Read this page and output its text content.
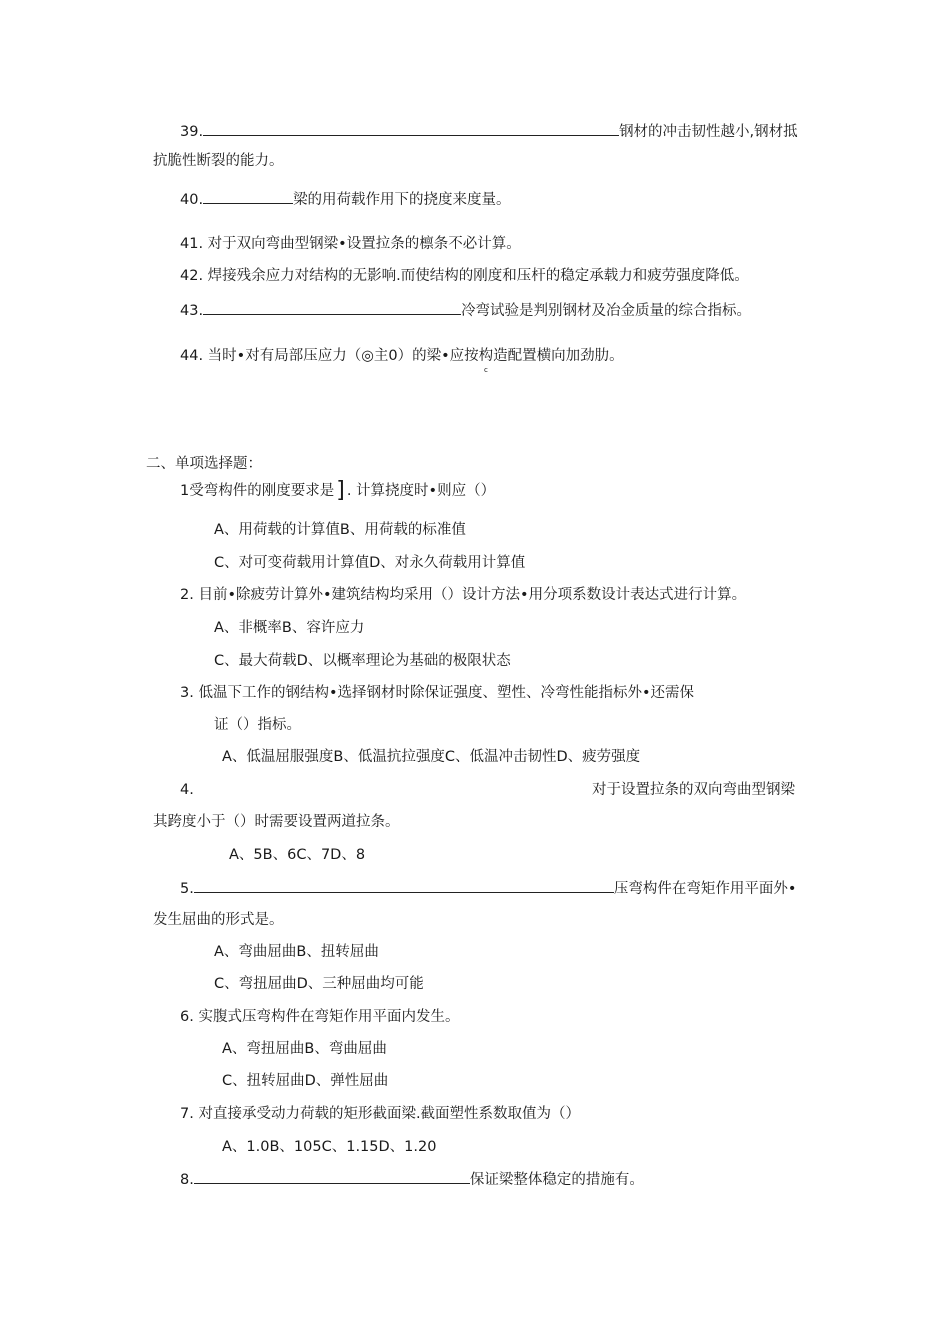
39.	钢材的冲击韧性越小,钢材抵
抗脆性断裂的能力。
40.	梁的用荷载作用下的挠度来度量。
41. 对于双向弯曲型钢梁•设置拉条的檩条不必计算。
42. 焊接残余应力对结构的无影响.而使结构的刚度和压杆的稳定承载力和疲劳强度降低。
43.	冷弯试验是判别钢材及冶金质量的综合指标。
44. 当时•对有局部压应力（◎主0）的梁•应按构造配置横向加劲肋。
c
二、单项选择题：
1受弯构件的刚度要求是] . 计算挠度时•则应（）
A、用荷载的计算值B、用荷载的标准值
C、对可变荷载用计算值D、对永久荷载用计算值
2. 目前•除疲劳计算外•建筑结构均采用（）设计方法•用分项系数设计表达式进行计算。
A、非概率B、容许应力
C、最大荷载D、以概率理论为基础的极限状态
3. 低温下工作的钢结构•选择钢材时除保证强度、塑性、冷弯性能指标外•还需保
证（）指标。
A、低温屈服强度B、低温抗拉强度C、低温冲击韧性D、疲劳强度
4.	对于设置拉条的双向弯曲型钢梁
其跨度小于（）时需要设置两道拉条。
A、5B、6C、7D、8
5.	压弯构件在弯矩作用平面外•
发生屈曲的形式是。
A、弯曲屈曲B、扭转屈曲
C、弯扭屈曲D、三种屈曲均可能
6. 实腹式压弯构件在弯矩作用平面内发生。
A、弯扭屈曲B、弯曲屈曲
C、扭转屈曲D、弹性屈曲
7. 对直接承受动力荷载的矩形截面梁.截面塑性系数取值为（）
A、1.0B、105C、1.15D、1.20
8.	保证梁整体稳定的措施有。
